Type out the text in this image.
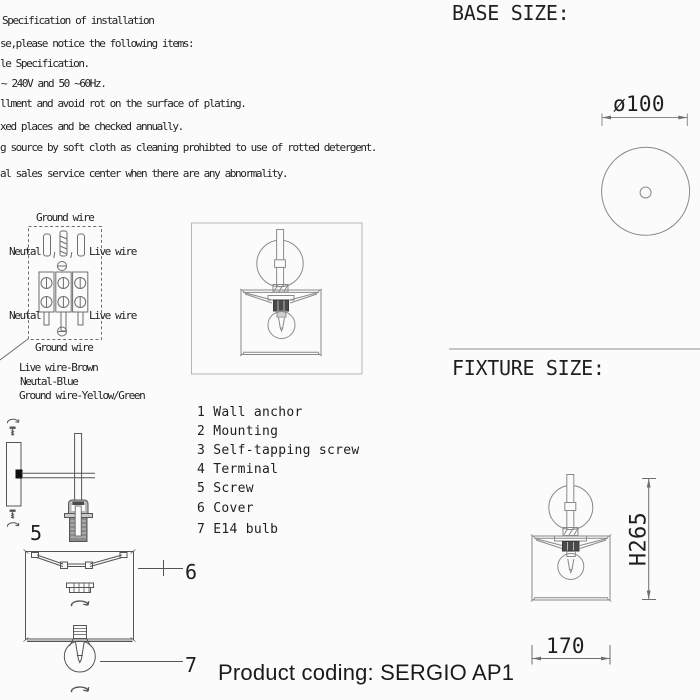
Specification of installation
se,please notice the following items:
le Specification.
~ 240V and 50 ~60Hz.
llment and avoid rot on the surface of plating.
xed places and be checked annually.
g source by soft cloth as cleaning prohibted to use of rotted detergent.
al sales service center when there are any abnormality.
Ground wire
Neutal	Live wire
Neutal	Live wire
Ground wire
Live wire-Brown
Neutal-Blue
Ground wire-Yellow/Green
1 Wall anchor
2 Mounting
3 Self-tapping screw
4 Terminal
5 Screw
6 Cover
7 E14 bulb
BASE SIZE:
FIXTURE SIZE:
ø100
H265
170
5
6
7 Product coding: SERGIO AP1
